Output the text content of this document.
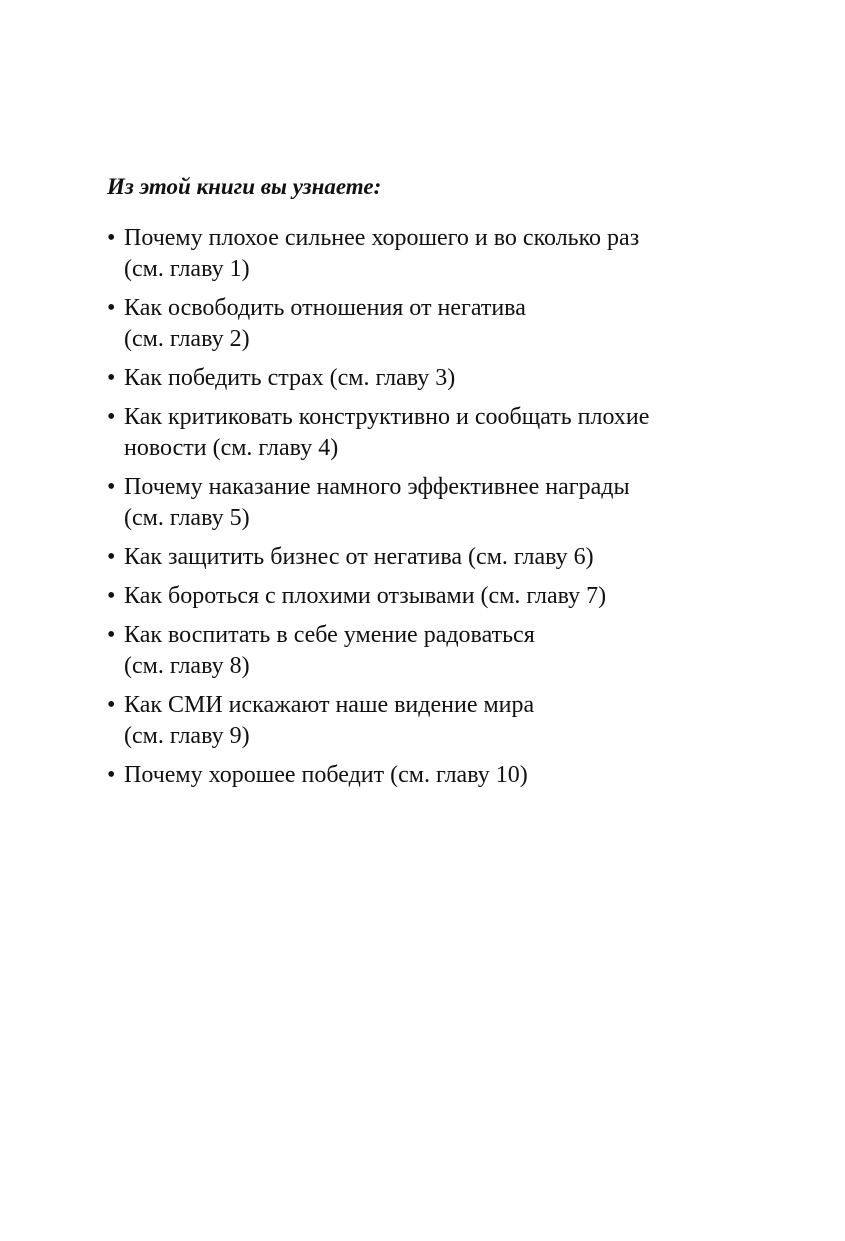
Из этой книги вы узнаете:
• Почему плохое сильнее хорошего и во сколько раз
(см. главу 1)
• Как освободить отношения от негатива
(см. главу 2)
• Как победить страх (см. главу 3)
• Как критиковать конструктивно и сообщать плохие
новости (см. главу 4)
• Почему наказание намного эффективнее награды
(см. главу 5)
• Как защитить бизнес от негатива (см. главу 6)
• Как бороться с плохими отзывами (см. главу 7)
• Как воспитать в себе умение радоваться
(см. главу 8)
• Как СМИ искажают наше видение мира
(см. главу 9)
• Почему хорошее победит (см. главу 10)
